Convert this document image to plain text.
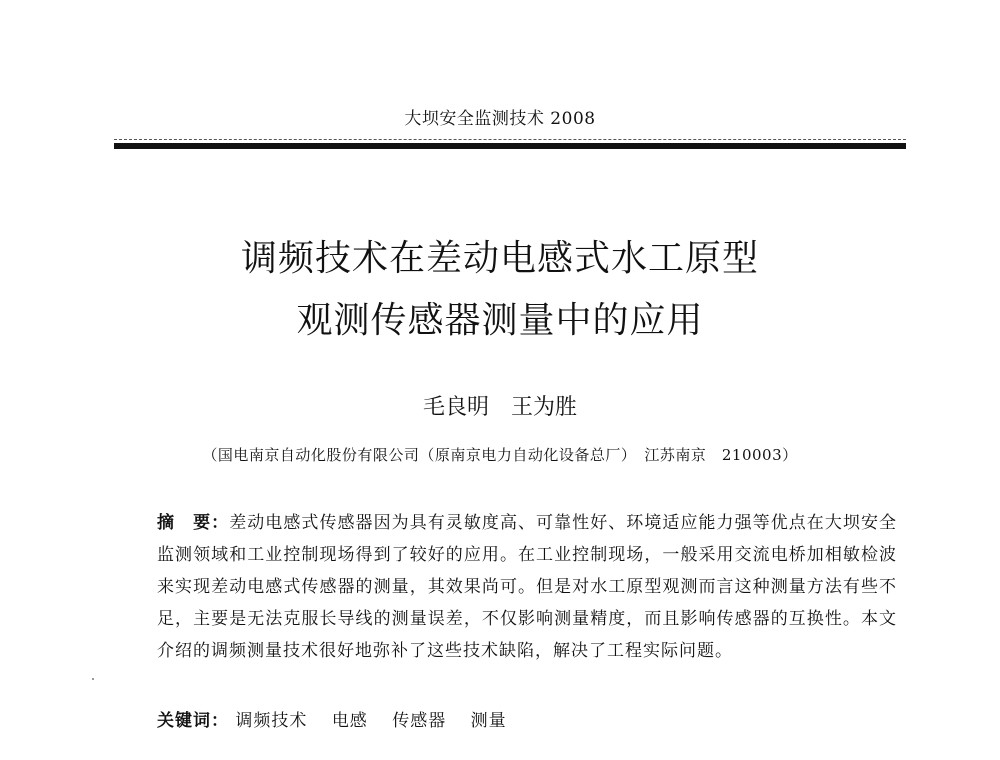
大坝安全监测技术 2008
调频技术在差动电感式水工原型
观测传感器测量中的应用
毛良明　王为胜
（国电南京自动化股份有限公司（原南京电力自动化设备总厂）　江苏南京　210003）
摘　要：差动电感式传感器因为具有灵敏度高、可靠性好、环境适应能力强等优点在大坝安全监测领域和工业控制现场得到了较好的应用。在工业控制现场，一般采用交流电桥加相敏检波来实现差动电感式传感器的测量，其效果尚可。但是对水工原型观测而言这种测量方法有些不足，主要是无法克服长导线的测量误差，不仅影响测量精度，而且影响传感器的互换性。本文介绍的调频测量技术很好地弥补了这些技术缺陷，解决了工程实际问题。
关键词： 调频技术 电感 传感器 测量
